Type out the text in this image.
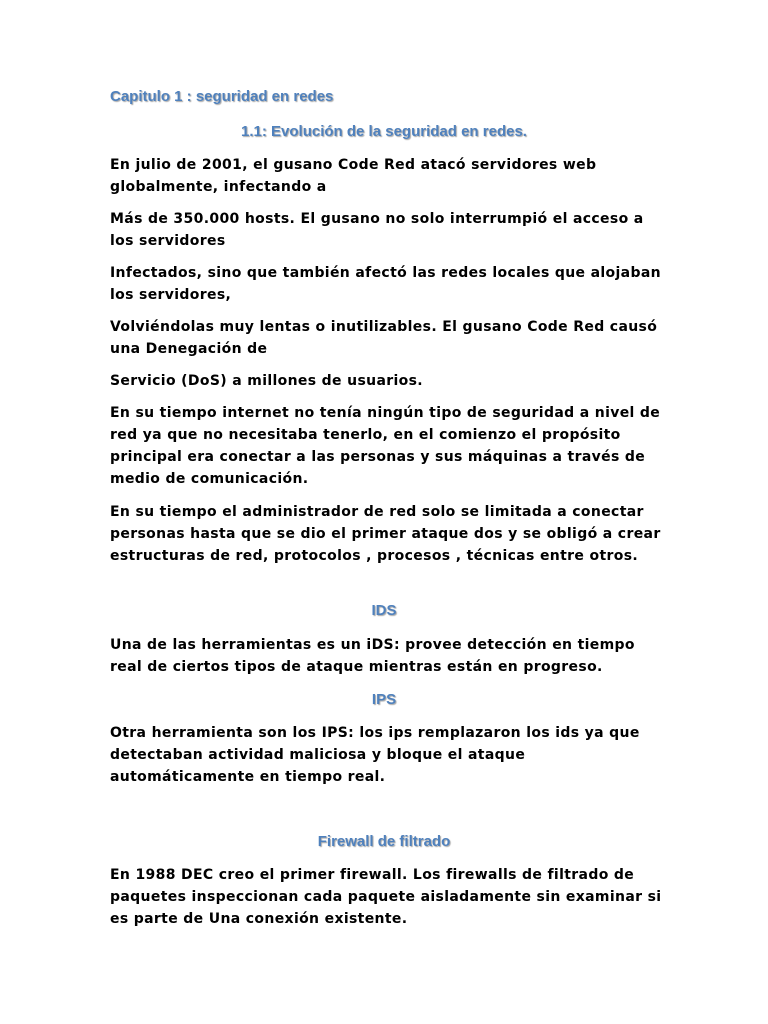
Capitulo 1 : seguridad en redes
1.1: Evolución de la seguridad en redes.

En julio de 2001, el gusano Code Red atacó servidores web globalmente, infectando a

Más de 350.000 hosts. El gusano no solo interrumpió el acceso a los servidores

Infectados, sino que también afectó las redes locales que alojaban los servidores,

Volviéndolas muy lentas o inutilizables. El gusano Code Red causó una Denegación de

Servicio (DoS) a millones de usuarios.

En su tiempo internet no tenía ningún tipo de seguridad a nivel de red ya que no necesitaba tenerlo, en el comienzo el propósito principal era conectar a las personas y sus máquinas a través de medio de comunicación.

En su tiempo el administrador de red solo se limitada a conectar personas hasta que se dio el primer ataque dos y se obligó a crear estructuras de red, protocolos , procesos , técnicas entre otros.

IDS

Una de las herramientas es un iDS: provee detección en tiempo real de ciertos tipos de ataque mientras están en progreso.

IPS

Otra herramienta son los IPS: los ips remplazaron los ids ya que detectaban actividad maliciosa y bloque el ataque automáticamente en tiempo real.

Firewall de filtrado

En 1988 DEC creo el primer firewall. Los firewalls de filtrado de paquetes inspeccionan cada paquete aisladamente sin examinar si es parte de Una conexión existente.
